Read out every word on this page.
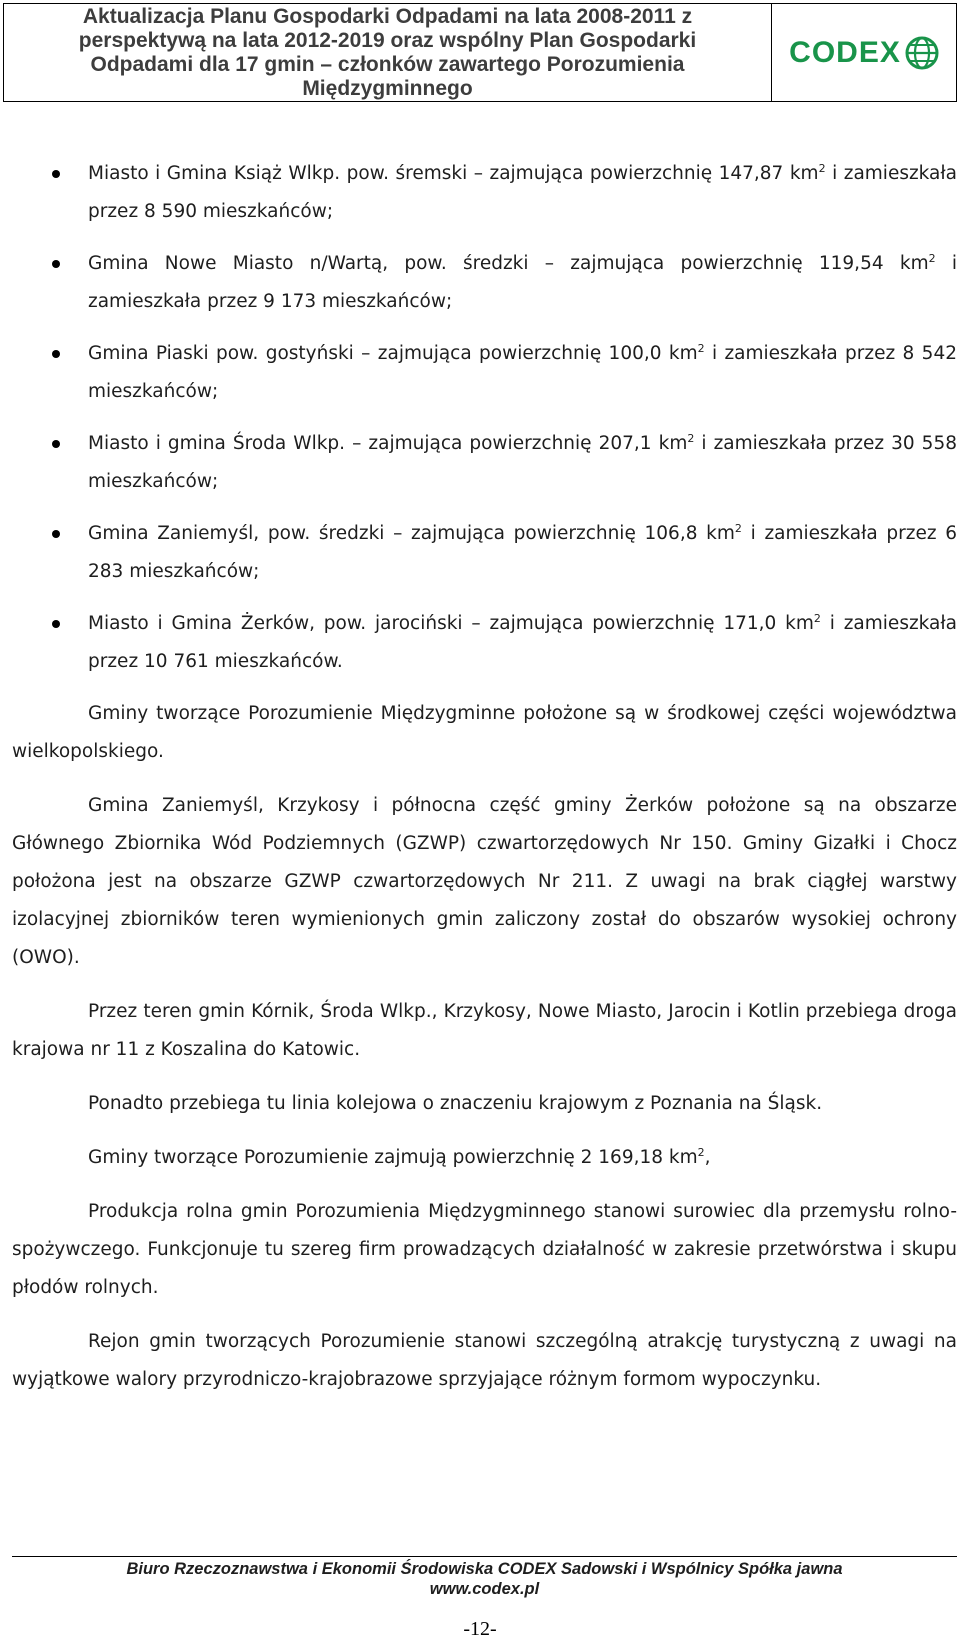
Aktualizacja Planu Gospodarki Odpadami na lata 2008-2011 z
perspektywą na lata 2012-2019 oraz wspólny Plan Gospodarki
Odpadami dla 17 gmin – członków zawartego Porozumienia
Międzygminnego
CODEX
Miasto i Gmina Książ Wlkp. pow. śremski – zajmująca powierzchnię 147,87 $km^2$ i zamieszkała przez 8 590 mieszkańców;
Gmina Nowe Miasto n/Wartą, pow. średzki – zajmująca powierzchnię 119,54 $km^2$ i zamieszkała przez 9 173 mieszkańców;
Gmina Piaski pow. gostyński – zajmująca powierzchnię 100,0 $km^2$ i zamieszkała przez 8 542 mieszkańców;
Miasto i gmina Środa Wlkp. – zajmująca powierzchnię 207,1 $km^2$ i zamieszkała przez 30 558 mieszkańców;
Gmina Zaniemyśl, pow. średzki – zajmująca powierzchnię 106,8 $km^2$ i zamieszkała przez 6 283 mieszkańców;
Miasto i Gmina Żerków, pow. jarociński – zajmująca powierzchnię 171,0 $km^2$ i zamieszkała przez 10 761 mieszkańców.

Gminy tworzące Porozumienie Międzygminne położone są w środkowej części województwa wielkopolskiego.

Gmina Zaniemyśl, Krzykosy i północna część gminy Żerków położone są na obszarze Głównego Zbiornika Wód Podziemnych (GZWP) czwartorzędowych Nr 150. Gminy Gizałki i Chocz położona jest na obszarze GZWP czwartorzędowych Nr 211. Z uwagi na brak ciągłej warstwy izolacyjnej zbiorników teren wymienionych gmin zaliczony został do obszarów wysokiej ochrony (OWO).

Przez teren gmin Kórnik, Środa Wlkp., Krzykosy, Nowe Miasto, Jarocin i Kotlin przebiega droga krajowa nr 11 z Koszalina do Katowic.

Ponadto przebiega tu linia kolejowa o znaczeniu krajowym z Poznania na Śląsk.

Gminy tworzące Porozumienie zajmują powierzchnię 2 169,18 $km^2$,

Produkcja rolna gmin Porozumienia Międzygminnego stanowi surowiec dla przemysłu rolno-spożywczego. Funkcjonuje tu szereg firm prowadzących działalność w zakresie przetwórstwa i skupu płodów rolnych.

Rejon gmin tworzących Porozumienie stanowi szczególną atrakcję turystyczną z uwagi na wyjątkowe walory przyrodniczo-krajobrazowe sprzyjające różnym formom wypoczynku.

Biuro Rzeczoznawstwa i Ekonomii Środowiska CODEX Sadowski i Wspólnicy Spółka jawna
www.codex.pl
-12-
